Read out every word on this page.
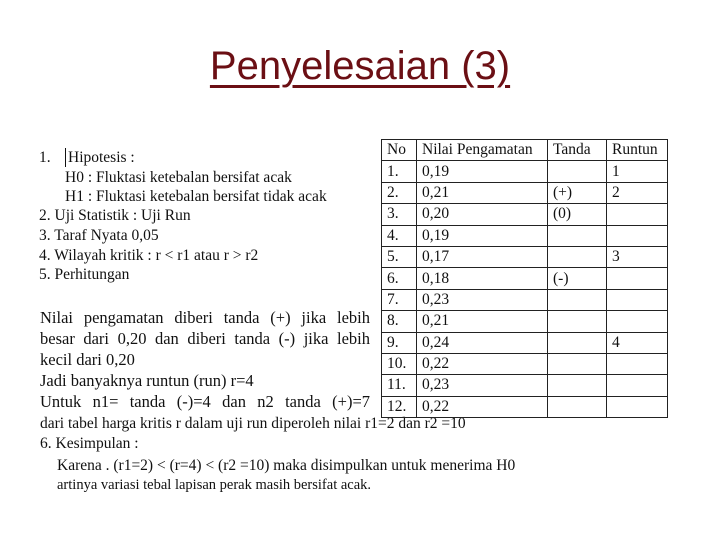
Penyelesaian (3)
1. Hipotesis :
H0 : Fluktasi ketebalan bersifat acak
H1 : Fluktasi ketebalan bersifat tidak acak
2. Uji Statistik : Uji Run
3. Taraf Nyata 0,05
4. Wilayah kritik : r < r1 atau r > r2
5. Perhitungan
Nilai pengamatan diberi tanda (+) jika lebih
besar dari 0,20 dan diberi tanda (-) jika lebih
kecil dari 0,20
Jadi banyaknya runtun (run) r=4
Untuk n1= tanda (-)=4 dan n2 tanda (+)=7
dari tabel harga kritis r dalam uji run diperoleh nilai r1=2 dan r2 =10
6. Kesimpulan :
Karena . (r1=2) < (r=4) < (r2 =10) maka disimpulkan untuk menerima H0
artinya variasi tebal lapisan perak masih bersifat acak.
No	Nilai Pengamatan	Tanda	Runtun
1.	0,19		1
2.	0,21	(+)	2
3.	0,20	(0)	
4.	0,19		
5.	0,17		3
6.	0,18	(-)	
7.	0,23		
8.	0,21		
9.	0,24		4
10.	0,22		
11.	0,23		
12.	0,22		
